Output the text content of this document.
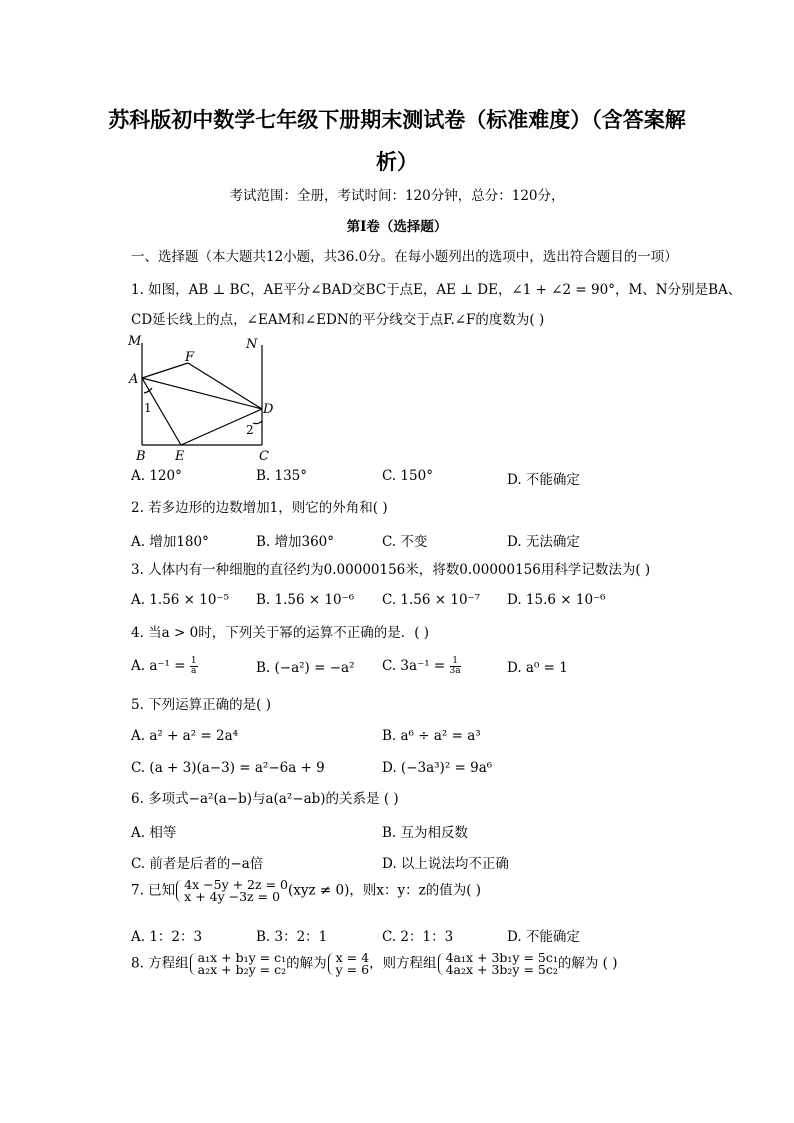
苏科版初中数学七年级下册期末测试卷（标准难度）（含答案解
析）
考试范围：全册，考试时间：120分钟，总分：120分，
第I卷（选择题）
一、选择题（本大题共12小题，共36.0分。在每小题列出的选项中，选出符合题目的一项）
1. 如图，AB ⊥ BC，AE平分∠BAD交BC于点E，AE ⊥ DE，∠1 + ∠2 = 90°，M、N分别是BA、
CD延长线上的点，∠EAM和∠EDN的平分线交于点F.∠F的度数为( )
M	N
F
A
D
B E	C
1
2
A. 120°	B. 135°	C. 150°	D. 不能确定
2. 若多边形的边数增加1，则它的外角和( )
A. 增加180°	B. 增加360°	C. 不变	D. 无法确定
3. 人体内有一种细胞的直径约为0.00000156米，将数0.00000156用科学记数法为( )
A. 1.56 × 10⁻⁵ B. 1.56 × 10⁻⁶ C. 1.56 × 10⁻⁷ D. 15.6 × 10⁻⁶
4. 当a > 0时，下列关于幂的运算不正确的是．( )
A. $a^{-1} = \frac{1}{a}$	B. (−a²) = −a² C. $3a^{-1} = \frac{1}{3a}$	D. a⁰ = 1
5. 下列运算正确的是( )
A. a² + a² = 2a⁴	B. a⁶ ÷ a² = a³
C. (a + 3)(a−3) = a²−6a + 9	D. (−3a³)² = 9a⁶
6. 多项式−a²(a−b)与a(a²−ab)的关系是 ( )
A. 相等	B. 互为相反数
C. 前者是后者的−a倍	D. 以上说法均不正确
7. 已知 4x −5y + 2z = 0
x + 4y −3z = 0 (xyz ≠ 0)，则x：y：z的值为( )
A. 1：2：3	B. 3：2：1	C. 2：1：3	D. 不能确定
8. 方程组 a₁x + b₁y = c₁
a₂x + b₂y = c₂ 的解为 x = 4
y = 6 ，则方程组 4a₁x + 3b₁y = 5c₁
4a₂x + 3b₂y = 5c₂ 的解为 ( )
